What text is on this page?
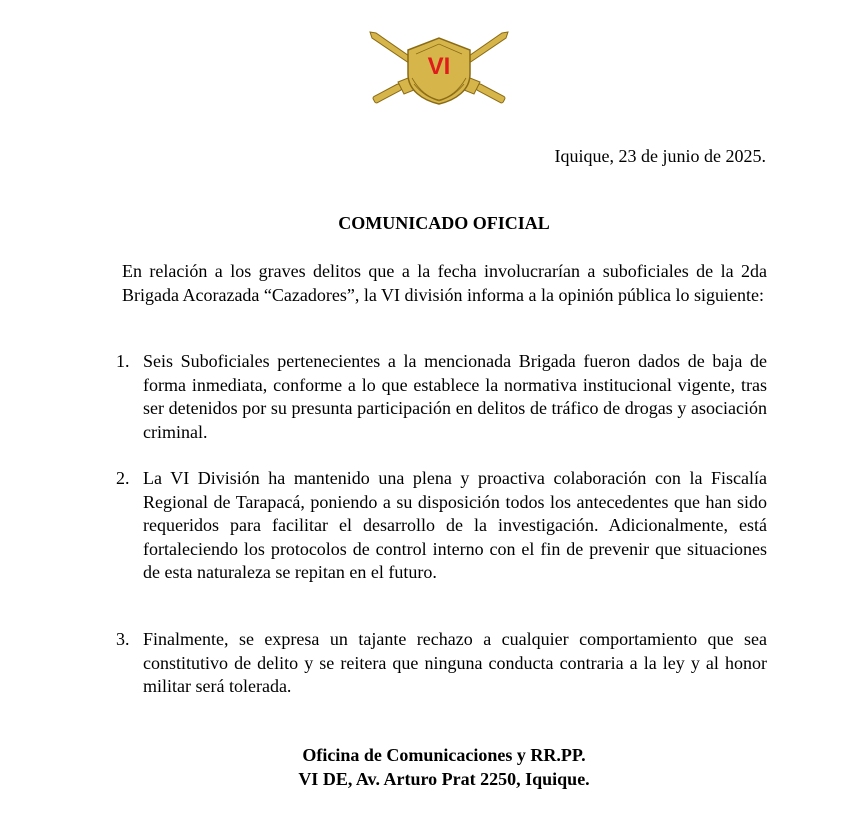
VI
Iquique, 23 de junio de 2025.
COMUNICADO OFICIAL
En relación a los graves delitos que a la fecha involucrarían a suboficiales de la 2da Brigada Acorazada “Cazadores”, la VI división informa a la opinión pública lo siguiente:
1. Seis Suboficiales pertenecientes a la mencionada Brigada fueron dados de baja de forma inmediata, conforme a lo que establece la normativa institucional vigente, tras ser detenidos por su presunta participación en delitos de tráfico de drogas y asociación criminal.
2. La VI División ha mantenido una plena y proactiva colaboración con la Fiscalía Regional de Tarapacá, poniendo a su disposición todos los antecedentes que han sido requeridos para facilitar el desarrollo de la investigación. Adicionalmente, está fortaleciendo los protocolos de control interno con el fin de prevenir que situaciones de esta naturaleza se repitan en el futuro.
3. Finalmente, se expresa un tajante rechazo a cualquier comportamiento que sea constitutivo de delito y se reitera que ninguna conducta contraria a la ley y al honor militar será tolerada.
Oficina de Comunicaciones y RR.PP.
VI DE, Av. Arturo Prat 2250, Iquique.
